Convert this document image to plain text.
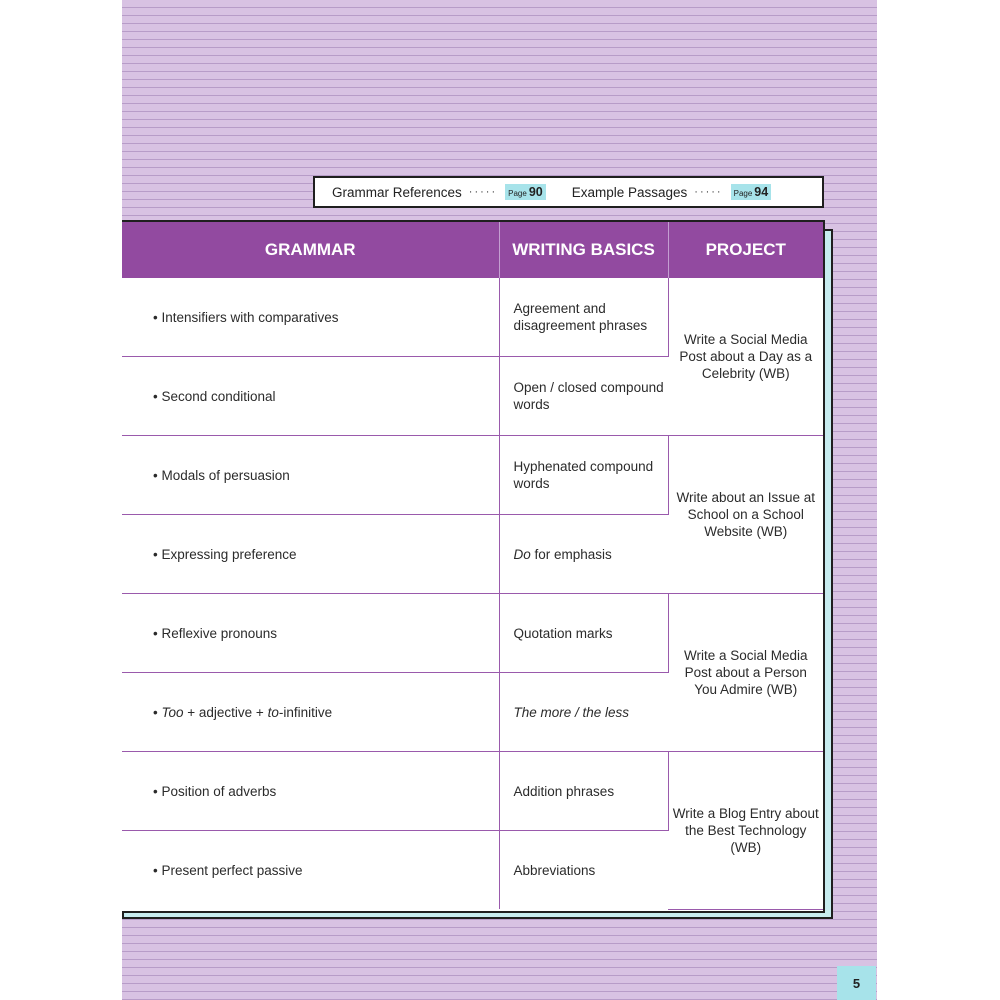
Grammar References ·····	Page 90 Example Passages ·····	Page 94
GRAMMAR	WRITING BASICS	PROJECT
• Intensifiers with comparatives	Agreement and disagreement phrases	Write a Social Media Post about a Day as a Celebrity (WB)
• Second conditional	Open / closed compound words	
• Modals of persuasion	Hyphenated compound words	Write about an Issue at School on a School Website (WB)
• Expressing preference	Do for emphasis	
• Reflexive pronouns	Quotation marks	Write a Social Media Post about a Person You Admire (WB)
• Too + adjective + to-infinitive	The more / the less	
• Position of adverbs	Addition phrases	Write a Blog Entry about the Best Technology (WB)
• Present perfect passive	Abbreviations	
5
